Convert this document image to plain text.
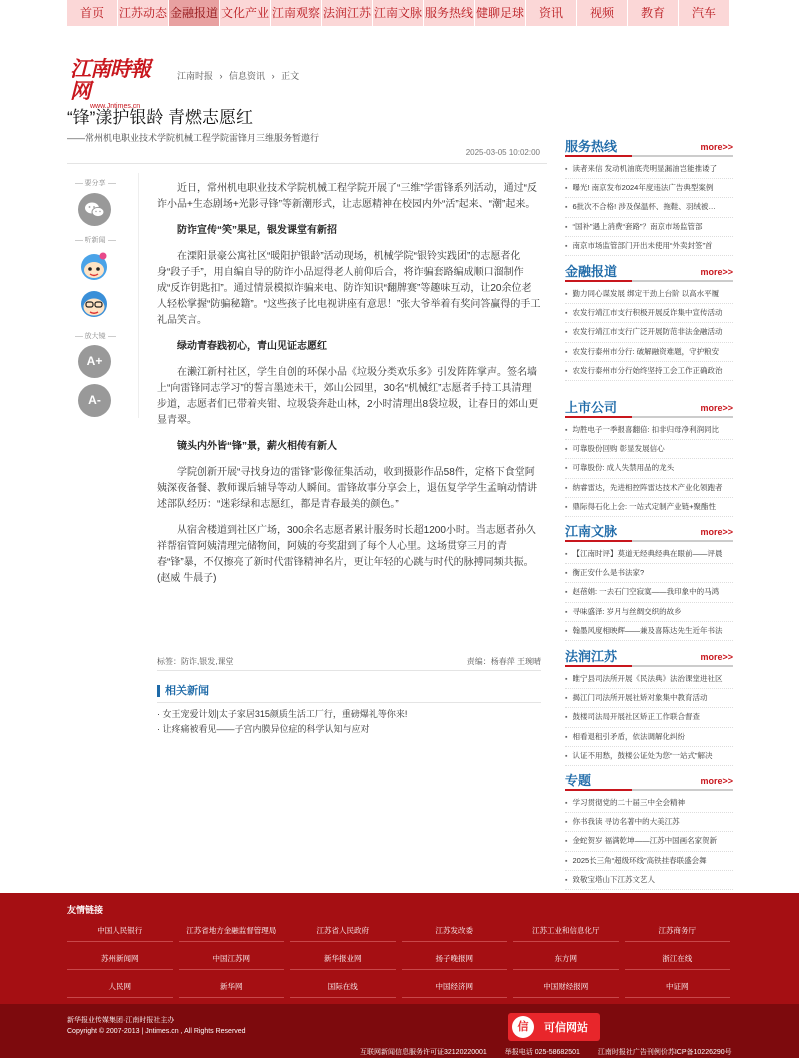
首页	江苏动态 金融报道 文化产业 江南观察 法润江苏 江南文脉 服务热线 健聊足球	资讯	视频	教育	汽车
江南時報网
www.Jntimes.cn
江南时报 › 信息资讯 › 正文
“锋”漾护银龄 青燃志愿红
——常州机电职业技术学院机械工程学院雷锋月三维服务暂遨行
2025-03-05 10:02:00
要分享
听新闻
放大镜
A+
A-

近日，常州机电职业技术学院机械工程学院开展了“三维”学雷锋系列活动，通过“反诈小品+生态剧场+光影寻锋”等新潮形式，让志愿精神在校园内外“活”起来、“潮”起来。

防诈宣传“笑”果足，银发课堂有新招

在溧阳景豪公寓社区“暖阳护银龄”活动现场，机械学院“银铃实践团”的志愿者化身“段子手”，用自编自导的防诈小品逗得老人前仰后合，将诈骗套路编成顺口溜制作成“反诈钥匙扣”。通过情景模拟诈骗来电、防诈知识“翻牌赛”等趣味互动，让20余位老人轻松掌握“防骗秘籍”。“这些孩子比电视讲座有意思！”张大爷举着有奖问答赢得的手工礼品笑言。

绿动青春践初心，青山见证志愿红

在濑江新村社区，学生自创的环保小品《垃圾分类欢乐多》引发阵阵掌声。签名墙上“向雷锋同志学习”的誓言墨迹未干，郊山公园里，30名“机械红”志愿者手持工具清理步道，志愿者们已带着夹钳、垃圾袋奔赴山林，2小时清理出8袋垃圾，让春日的郊山更显青翠。

镜头内外皆“锋”景，薪火相传有新人

学院创新开展“寻找身边的雷锋”影像征集活动，收到摄影作品58件，定格下食堂阿姨深夜备餐、教师课后辅导等动人瞬间。雷锋故事分享会上，退伍复学学生孟晌动情讲述部队经历：“迷彩绿和志愿红，都是青春最美的颜色。”

从宿舍楼道到社区广场，300余名志愿者累计服务时长超1200小时。当志愿者孙久祥帮宿管阿姨清理完储物间，阿姨的夸奖甜到了每个人心里。这场贯穿三月的青春“锋”暴，不仅擦亮了新时代雷锋精神名片，更让年轻的心跳与时代的脉搏同频共振。(赵威 牛晨子)

标签：防诈,银发,课堂	责编：杨春萍 王琬晴
相关新闻
· 女王宠爱计划|太子家居315颜质生活工厂行，重磅爆礼等你来!
· 让疼痛被看见——子宫内膜异位症的科学认知与应对
服务热线	more>>
▪ 读者来信 发动机油底壳明显漏油岂能推诿了
▪ 曝光! 南京发布2024年度违法广告典型案例
▪ 6批次不合格! 涉及保温杯、拖鞋、羽绒被…
▪ “国补”遇上消费“套路”？南京市场监管部
▪ 南京市场监管部门开出未使用“外卖封签”首
金融报道	more>>
▪ 勤力同心谋发展 绑定干劲上台阶 以高水平履
▪ 农发行靖江市支行积极开展反诈集中宣传活动
▪ 农发行靖江市支行广泛开展防范非法金融活动
▪ 农发行泰州市分行: 破解融资难题，守护粮安
▪ 农发行泰州市分行始终坚持工会工作正确政治
上市公司	more>>
▪ 均胜电子一季报喜翻倍: 扣非归母净利润同比
▪ 可靠股份回购 彰显发展信心
▪ 可靠股份: 成人失禁用品的龙头
▪ 纳睿雷达，先进相控阵雷达技术产业化领跑者
▪ 鼎际得石化上会: 一站式定制产业链+聚酯性
江南文脉	more>>
▪ 【江南时评】莫道无经典经典在眼前——评晨
▪ 衡正安什么是书法家?
▪ 赵蓓娟: 一去石门空寂寞——我印象中的马鸿
▪ 寻味盛泽: 岁月与丝绸交织的故乡
▪ 翰墨风度相映辉——兼及喜陈达先生近年书法
法润江苏	more>>
▪ 睢宁县司法所开展《民法典》法治课堂进社区
▪ 揭江门司法所开展社矫对象集中教育活动
▪ 鼓楼司法局开展社区矫正工作联合督查
▪ 相看退租引矛盾，依法调解化纠纷
▪ 认证不用愁，鼓楼公证处为您“一站式”解决
专题	more>>
▪ 学习贯彻党的二十届三中全会精神
▪ 你书我读 寻访名著中的大美江苏
▪ 金蛇贺岁 福满乾坤——江苏中国画名家贺新
▪ 2025长三角“超级环线”高铁挂春联盛会舞
▪ 致敬宝塔山下江苏文艺人
友情链接
中国人民银行	江苏省地方金融监督管理局	江苏省人民政府	江苏发改委	江苏工业和信息化厅	江苏商务厅
苏州新闻网	中国江苏网	新华报业网	扬子晚报网	东方网	浙江在线
人民网	新华网	国际在线	中国经济网	中国财经报网	中证网
新华报业传媒集团·江南时报社主办
Copyright © 2007-2013 | Jntimes.cn , All Rights Reserved	信	可信网站
互联网新闻信息服务许可证32120220001	举报电话 025-58682501	江南时报社广告刊例价苏ICP备10226290号
